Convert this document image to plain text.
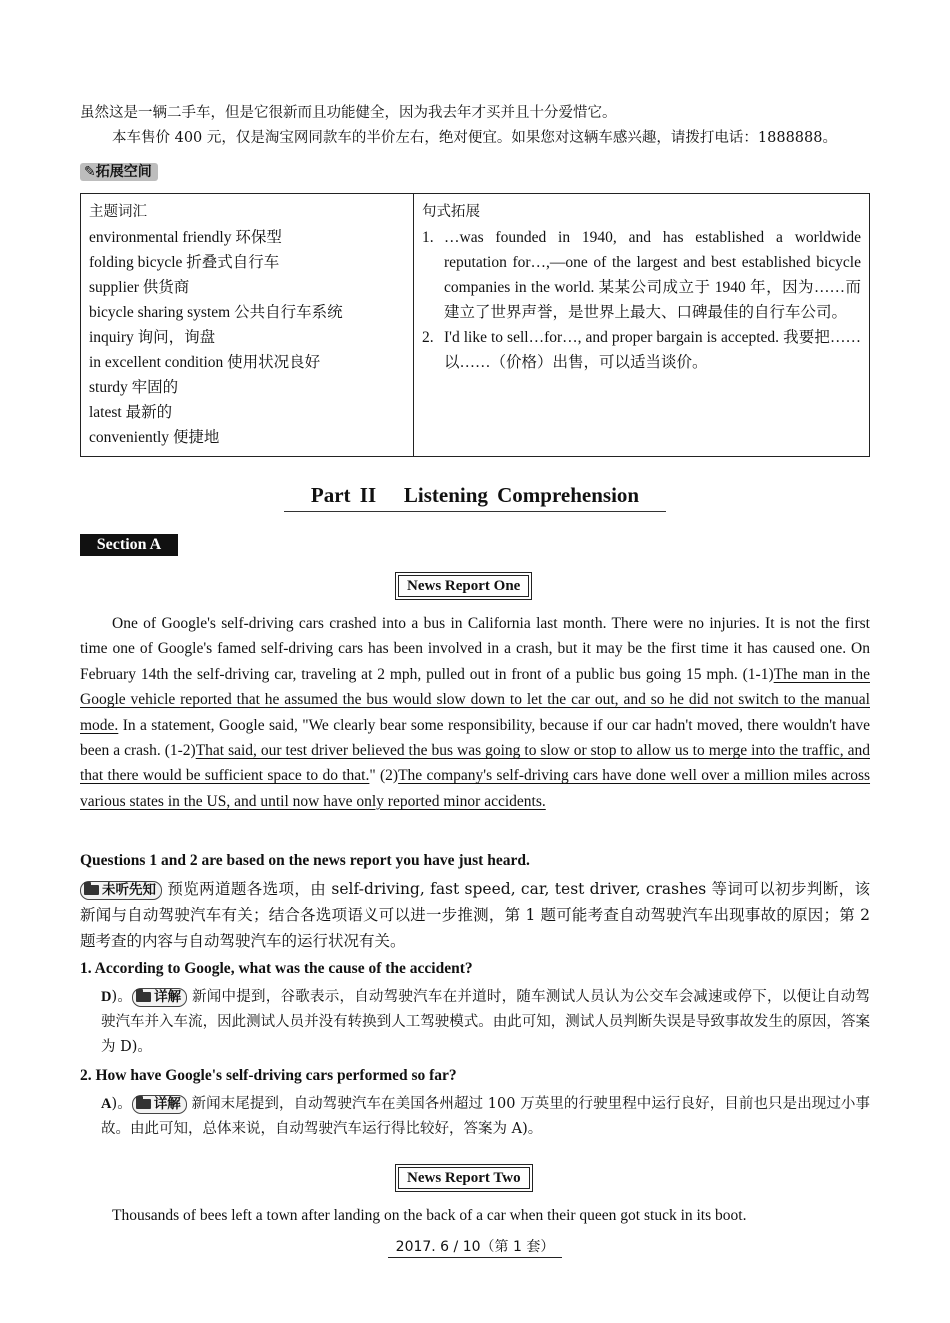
虽然这是一辆二手车，但是它很新而且功能健全，因为我去年才买并且十分爱惜它。
本车售价 400 元，仅是淘宝网同款车的半价左右，绝对便宜。如果您对这辆车感兴趣，请拨打电话：1888888。
✎拓展空间
主题词汇
environmental friendly 环保型
folding bicycle 折叠式自行车
supplier 供货商
bicycle sharing system 公共自行车系统
inquiry 询问，询盘
in excellent condition 使用状况良好
sturdy 牢固的
latest 最新的
conveniently 便捷地

句式拓展
1. …was founded in 1940, and has established a worldwide reputation for…,—one of the largest and best established bicycle companies in the world. 某某公司成立于 1940 年，因为……而建立了世界声誉，是世界上最大、口碑最佳的自行车公司。
2. I'd like to sell…for…, and proper bargain is accepted. 我要把……以……（价格）出售，可以适当谈价。
Part II   Listening Comprehension
Section A
News Report One
One of Google's self-driving cars crashed into a bus in California last month. There were no injuries. It is not the first time one of Google's famed self-driving cars has been involved in a crash, but it may be the first time it has caused one. On February 14th the self-driving car, traveling at 2 mph, pulled out in front of a public bus going 15 mph. (1-1)The man in the Google vehicle reported that he assumed the bus would slow down to let the car out, and so he did not switch to the manual mode. In a statement, Google said, "We clearly bear some responsibility, because if our car hadn't moved, there wouldn't have been a crash. (1-2)That said, our test driver believed the bus was going to slow or stop to allow us to merge into the traffic, and that there would be sufficient space to do that." (2)The company's self-driving cars have done well over a million miles across various states in the US, and until now have only reported minor accidents.
Questions 1 and 2 are based on the news report you have just heard.
未听先知 预览两道题各选项，由 self-driving, fast speed, car, test driver, crashes 等词可以初步判断，该新闻与自动驾驶汽车有关；结合各选项语义可以进一步推测，第 1 题可能考查自动驾驶汽车出现事故的原因；第 2 题考查的内容与自动驾驶汽车的运行状况有关。
1. According to Google, what was the cause of the accident?
D)。 详解 新闻中提到，谷歌表示，自动驾驶汽车在并道时，随车测试人员认为公交车会减速或停下，以便让自动驾驶汽车并入车流，因此测试人员并没有转换到人工驾驶模式。由此可知，测试人员判断失误是导致事故发生的原因，答案为 D)。
2. How have Google's self-driving cars performed so far?
A)。 详解 新闻末尾提到，自动驾驶汽车在美国各州超过 100 万英里的行驶里程中运行良好，目前也只是出现过小事故。由此可知，总体来说，自动驾驶汽车运行得比较好，答案为 A)。
News Report Two
Thousands of bees left a town after landing on the back of a car when their queen got stuck in its boot.
2017. 6 / 10（第 1 套）
